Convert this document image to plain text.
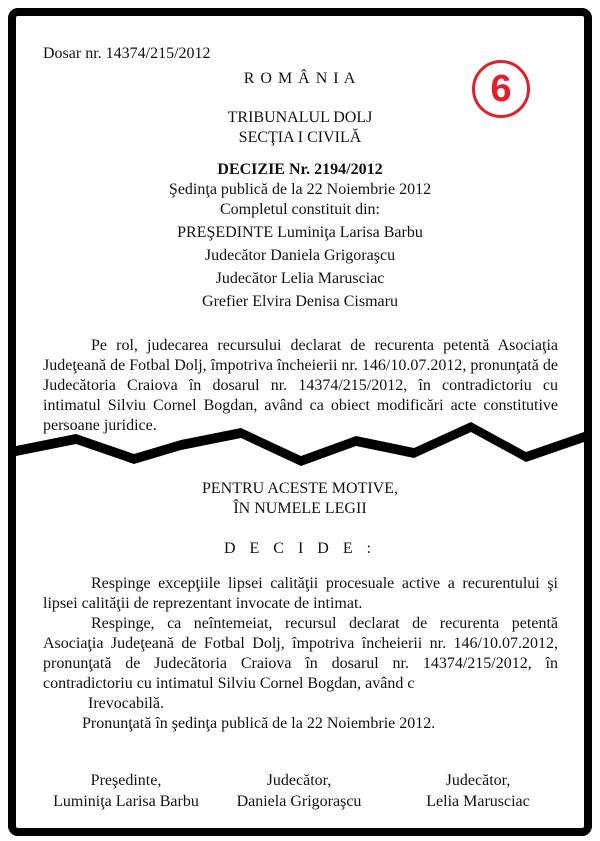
Dosar nr. 14374/215/2012
R O M Â N I A	6
TRIBUNALUL DOLJ
SECŢIA I CIVILĂ
DECIZIE Nr. 2194/2012
Şedinţa publică de la 22 Noiembrie 2012
Completul constituit din:
PREŞEDINTE Luminiţa Larisa Barbu
Judecător Daniela Grigoraşcu
Judecător Lelia Marusciac
Grefier Elvira Denisa Cismaru
Pe rol, judecarea recursului declarat de recurenta petentă Asociaţia Judeţeană de Fotbal Dolj, împotriva încheierii nr. 146/10.07.2012, pronunţată de Judecătoria Craiova în dosarul nr. 14374/215/2012, în contradictoriu cu intimatul Silviu Cornel Bogdan, având ca obiect modificări acte constitutive persoane juridice.
PENTRU ACESTE MOTIVE,
ÎN NUMELE LEGII
D E C I D E :
Respinge excepţiile lipsei calităţii procesuale active a recurentului şi lipsei calităţii de reprezentant invocate de intimat.
Respinge, ca neîntemeiat, recursul declarat de recurenta petentă Asociaţia Judeţeană de Fotbal Dolj, împotriva încheierii nr. 146/10.07.2012, pronunţată de Judecătoria Craiova în dosarul nr. 14374/215/2012, în contradictoriu cu intimatul Silviu Cornel Bogdan, având c
Irevocabilă.
Pronunţată în şedinţa publică de la 22 Noiembrie 2012.
Preşedinte,
Luminiţa Larisa Barbu
Judecător,
Daniela Grigoraşcu
Judecător,
Lelia Marusciac
